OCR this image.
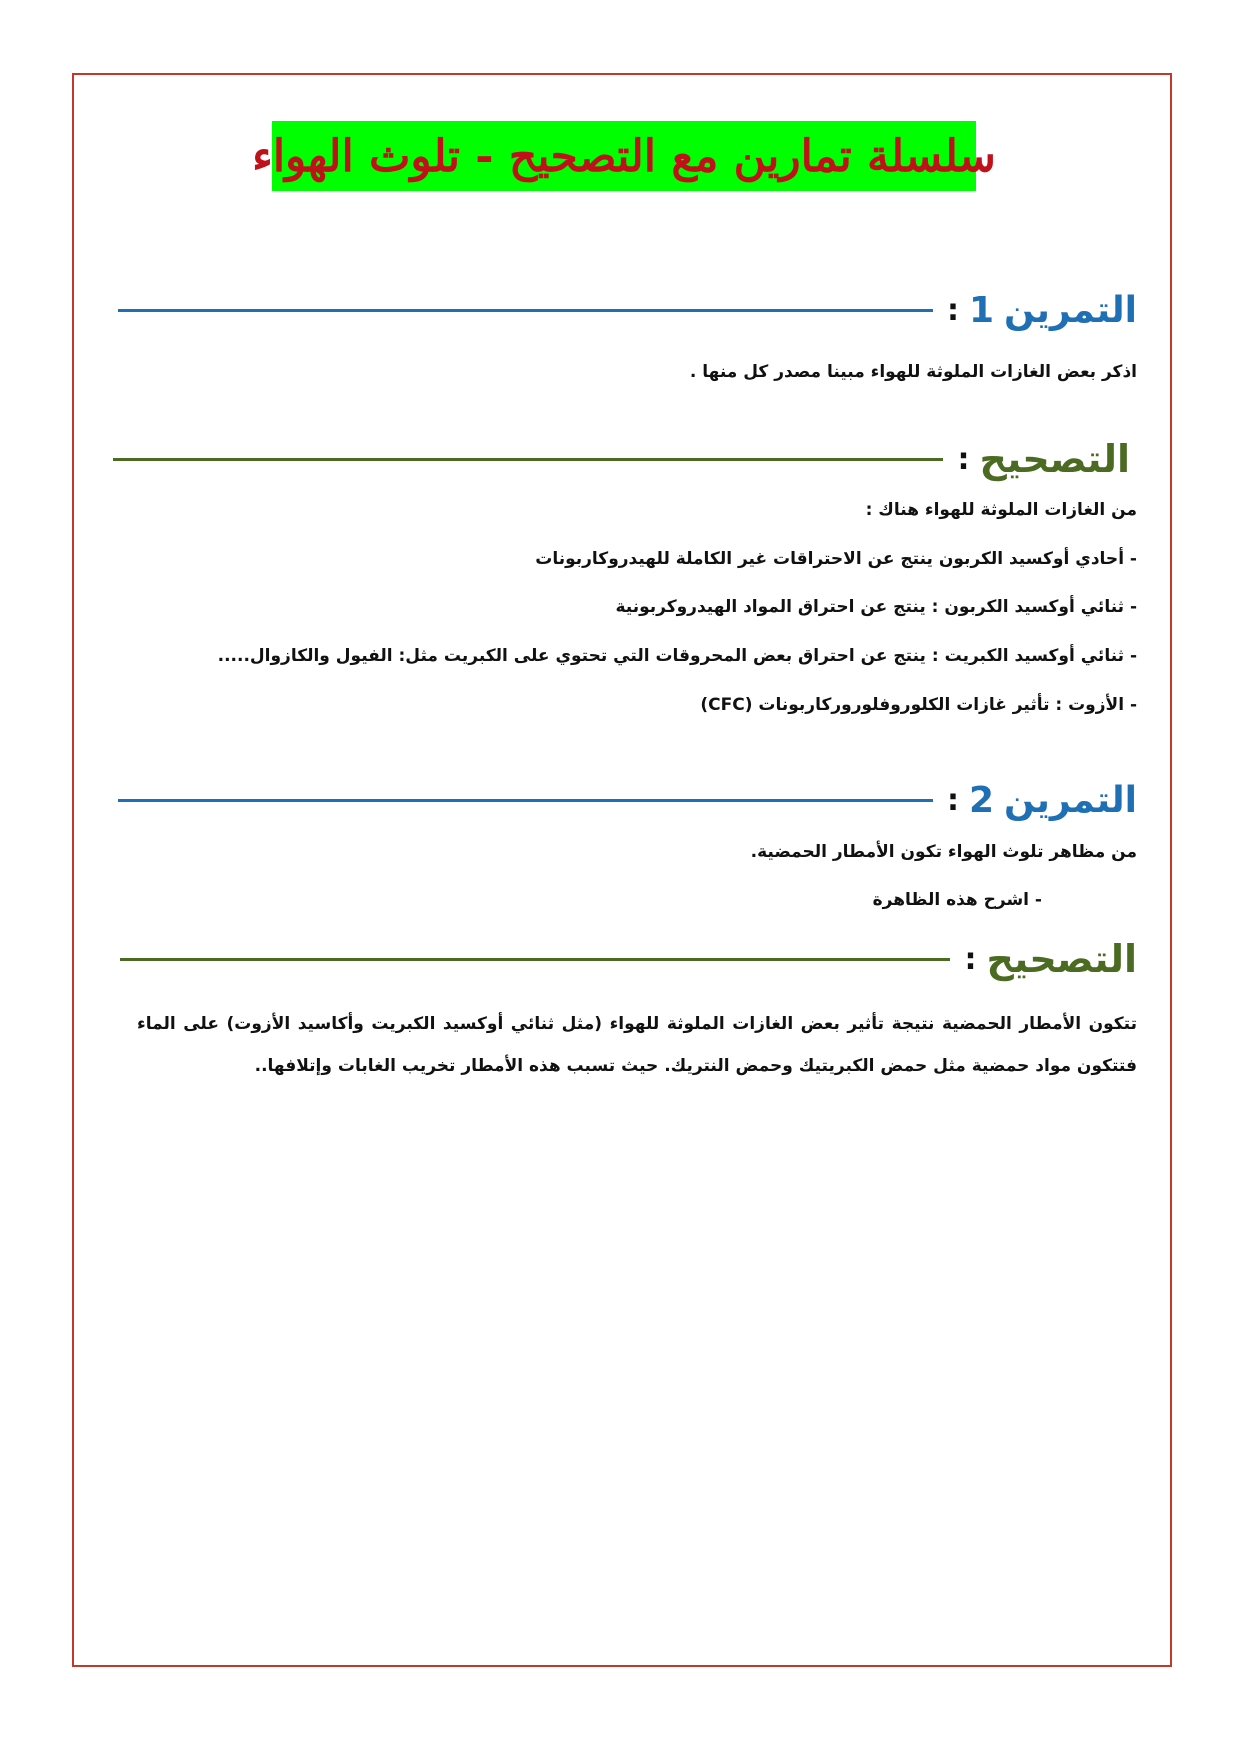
سلسلة تمارين مع التصحيح - تلوث الهواء
التمرين
1
:
اذكر بعض الغازات الملوثة للهواء مبينا مصدر كل منها .
التصحيح
:
من الغازات الملوثة للهواء هناك :
- أحادي أوكسيد الكربون ينتج عن الاحتراقات غير الكاملة للهيدروكاربونات
- ثنائي أوكسيد الكربون : ينتج عن احتراق المواد الهيدروكربونية
- ثنائي أوكسيد الكبريت : ينتج عن احتراق بعض المحروقات التي تحتوي على الكبريت مثل: الفيول والكازوال.....
- الأزوت : تأثير غازات الكلوروفلوروركاربونات (CFC)
التمرين
2
:
من مظاهر تلوث الهواء تكون الأمطار الحمضية.
- اشرح هذه الظاهرة
التصحيح
:
تتكون الأمطار الحمضية نتيجة تأثير بعض الغازات الملوثة للهواء (مثل ثنائي أوكسيد الكبريت وأكاسيد الأزوت) على الماء فتتكون مواد حمضية مثل حمض الكبريتيك وحمض النتريك. حيث تسبب هذه الأمطار تخريب الغابات وإتلافها..
